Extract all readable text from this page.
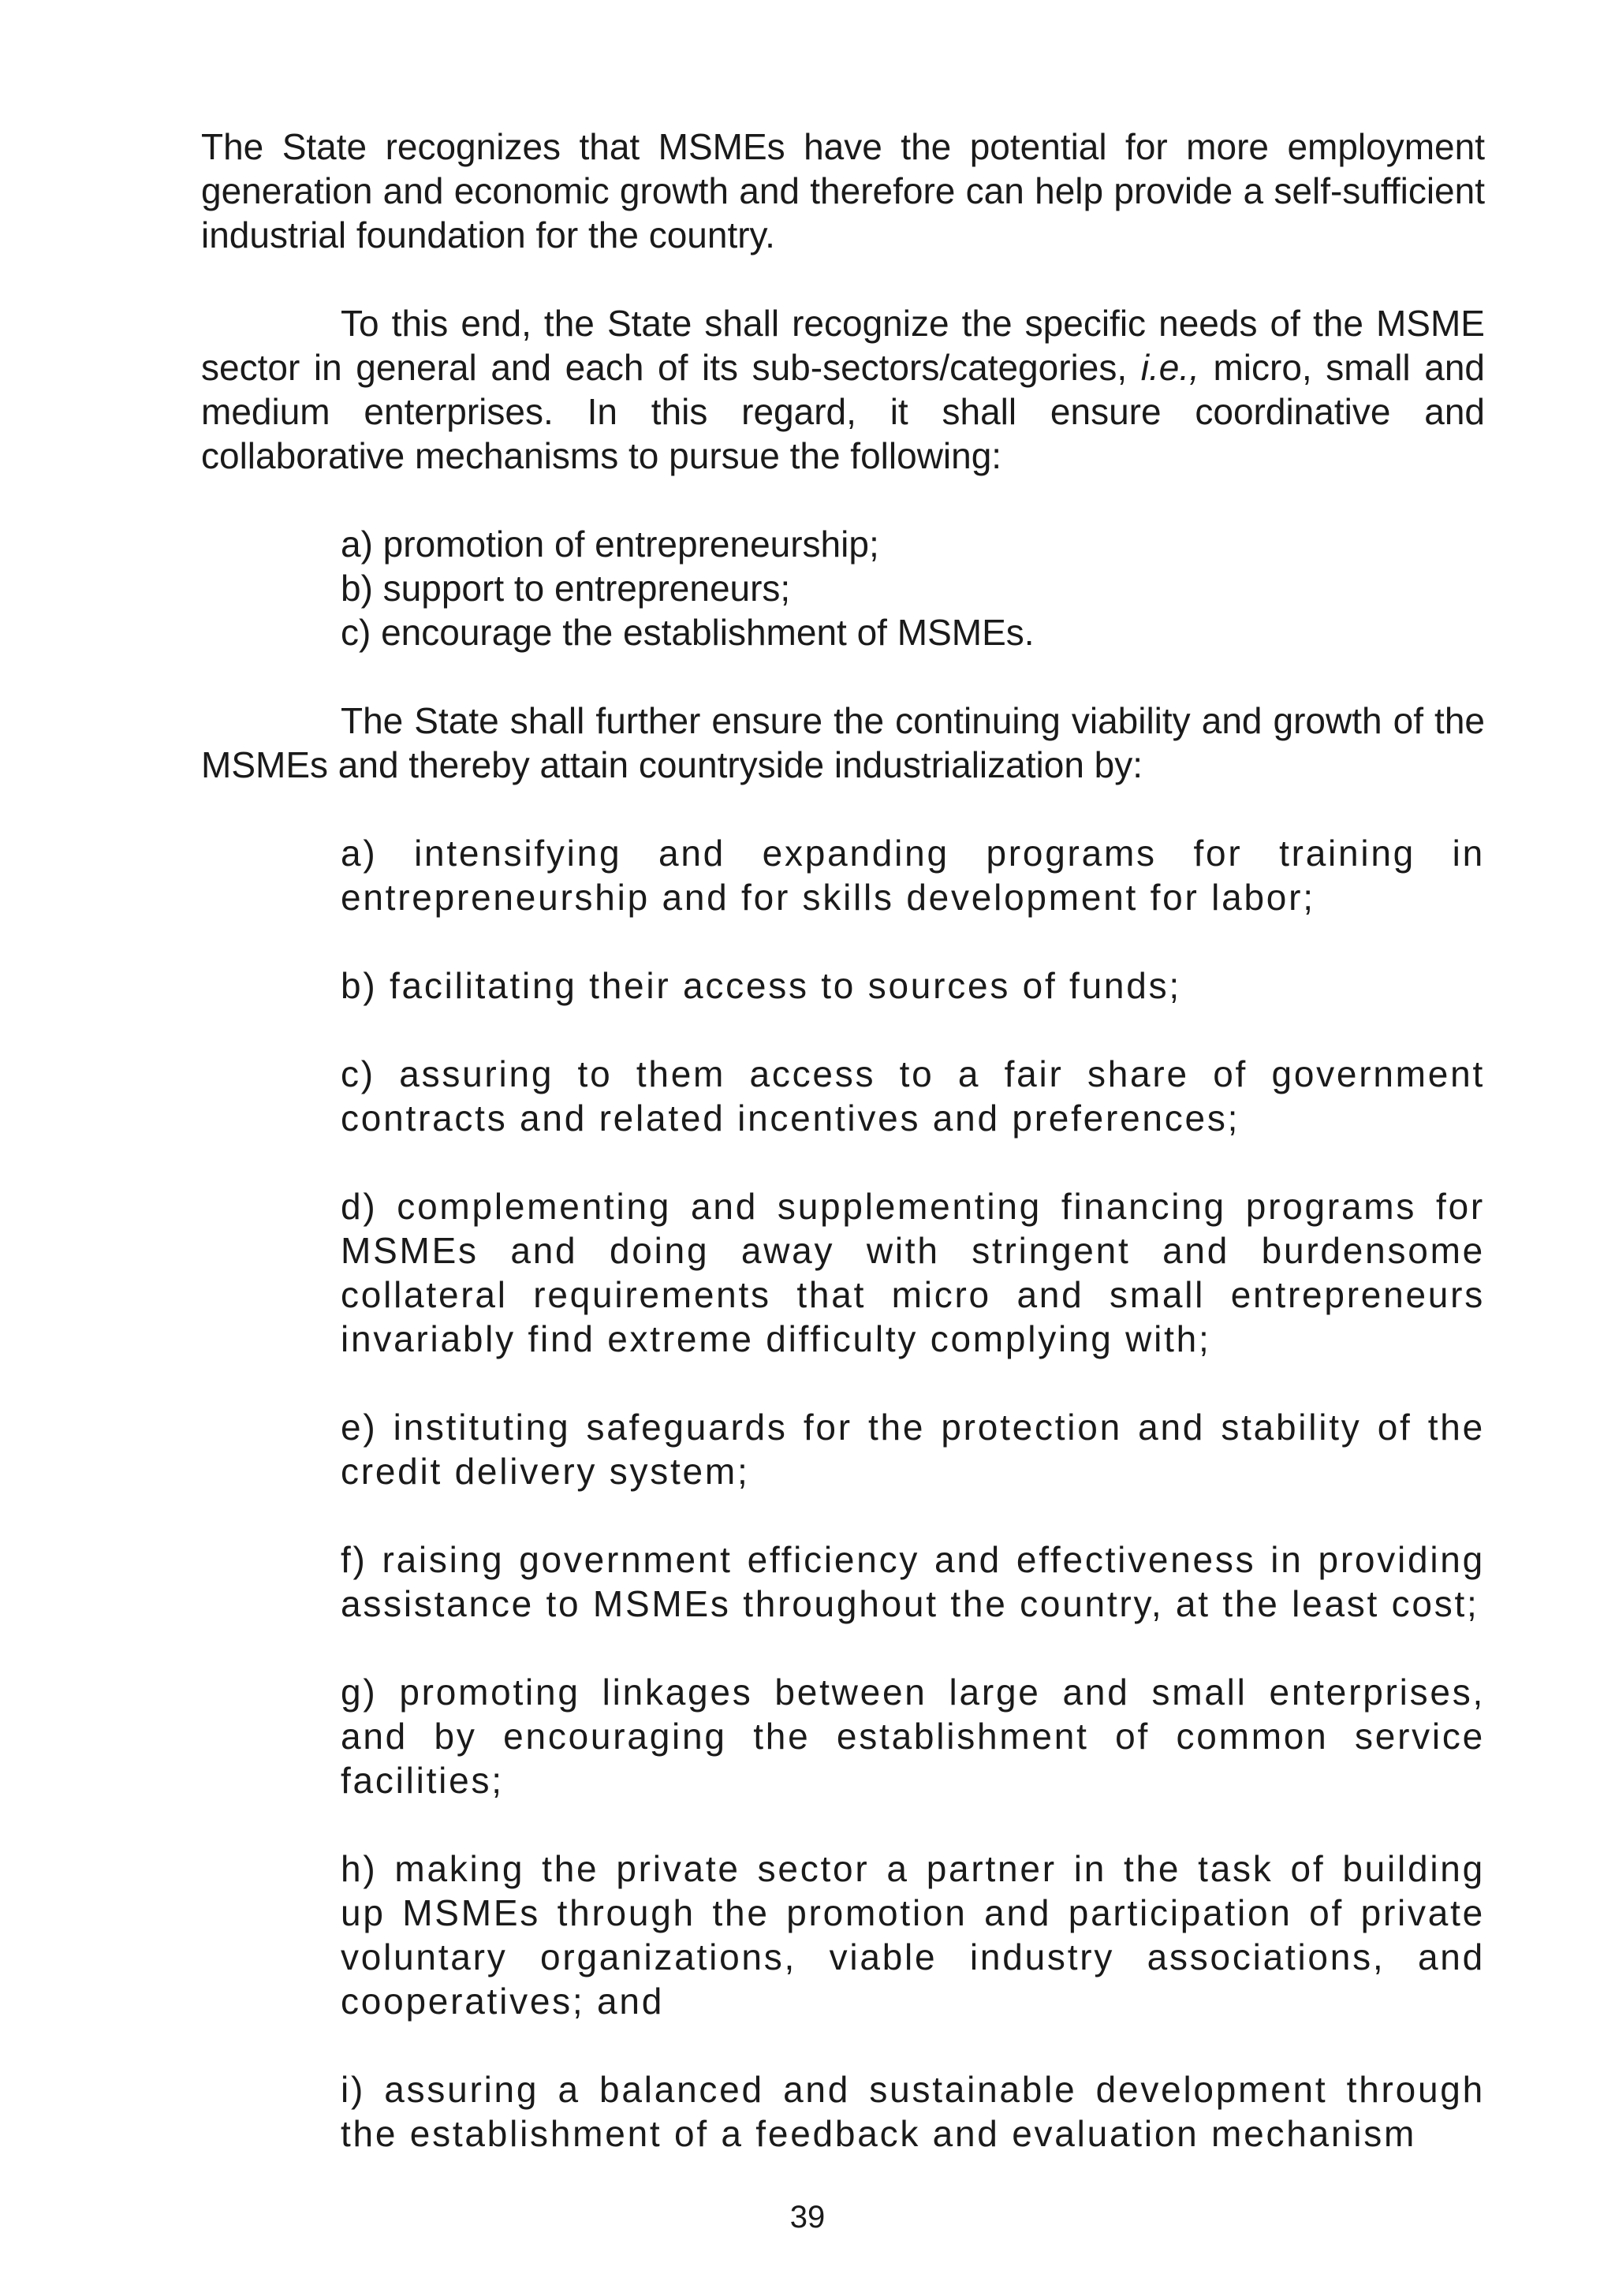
The State recognizes that MSMEs have the potential for more employment generation and economic growth and therefore can help provide a self-sufficient industrial foundation for the country.

To this end, the State shall recognize the specific needs of the MSME sector in general and each of its sub-sectors/categories, i.e., micro, small and medium enterprises. In this regard, it shall ensure coordinative and collaborative mechanisms to pursue the following:

a) promotion of entrepreneurship;
b) support to entrepreneurs;
c) encourage the establishment of MSMEs.

The State shall further ensure the continuing viability and growth of the MSMEs and thereby attain countryside industrialization by:

a) intensifying and expanding programs for training in entrepreneurship and for skills development for labor;

b) facilitating their access to sources of funds;

c) assuring to them access to a fair share of government contracts and related incentives and preferences;

d) complementing and supplementing financing programs for MSMEs and doing away with stringent and burdensome collateral requirements that micro and small entrepreneurs invariably find extreme difficulty complying with;

e) instituting safeguards for the protection and stability of the credit delivery system;

f) raising government efficiency and effectiveness in providing assistance to MSMEs throughout the country, at the least cost;

g) promoting linkages between large and small enterprises, and by encouraging the establishment of common service facilities;

h) making the private sector a partner in the task of building up MSMEs through the promotion and participation of private voluntary organizations, viable industry associations, and cooperatives; and

i) assuring a balanced and sustainable development through the establishment of a feedback and evaluation mechanism

39
